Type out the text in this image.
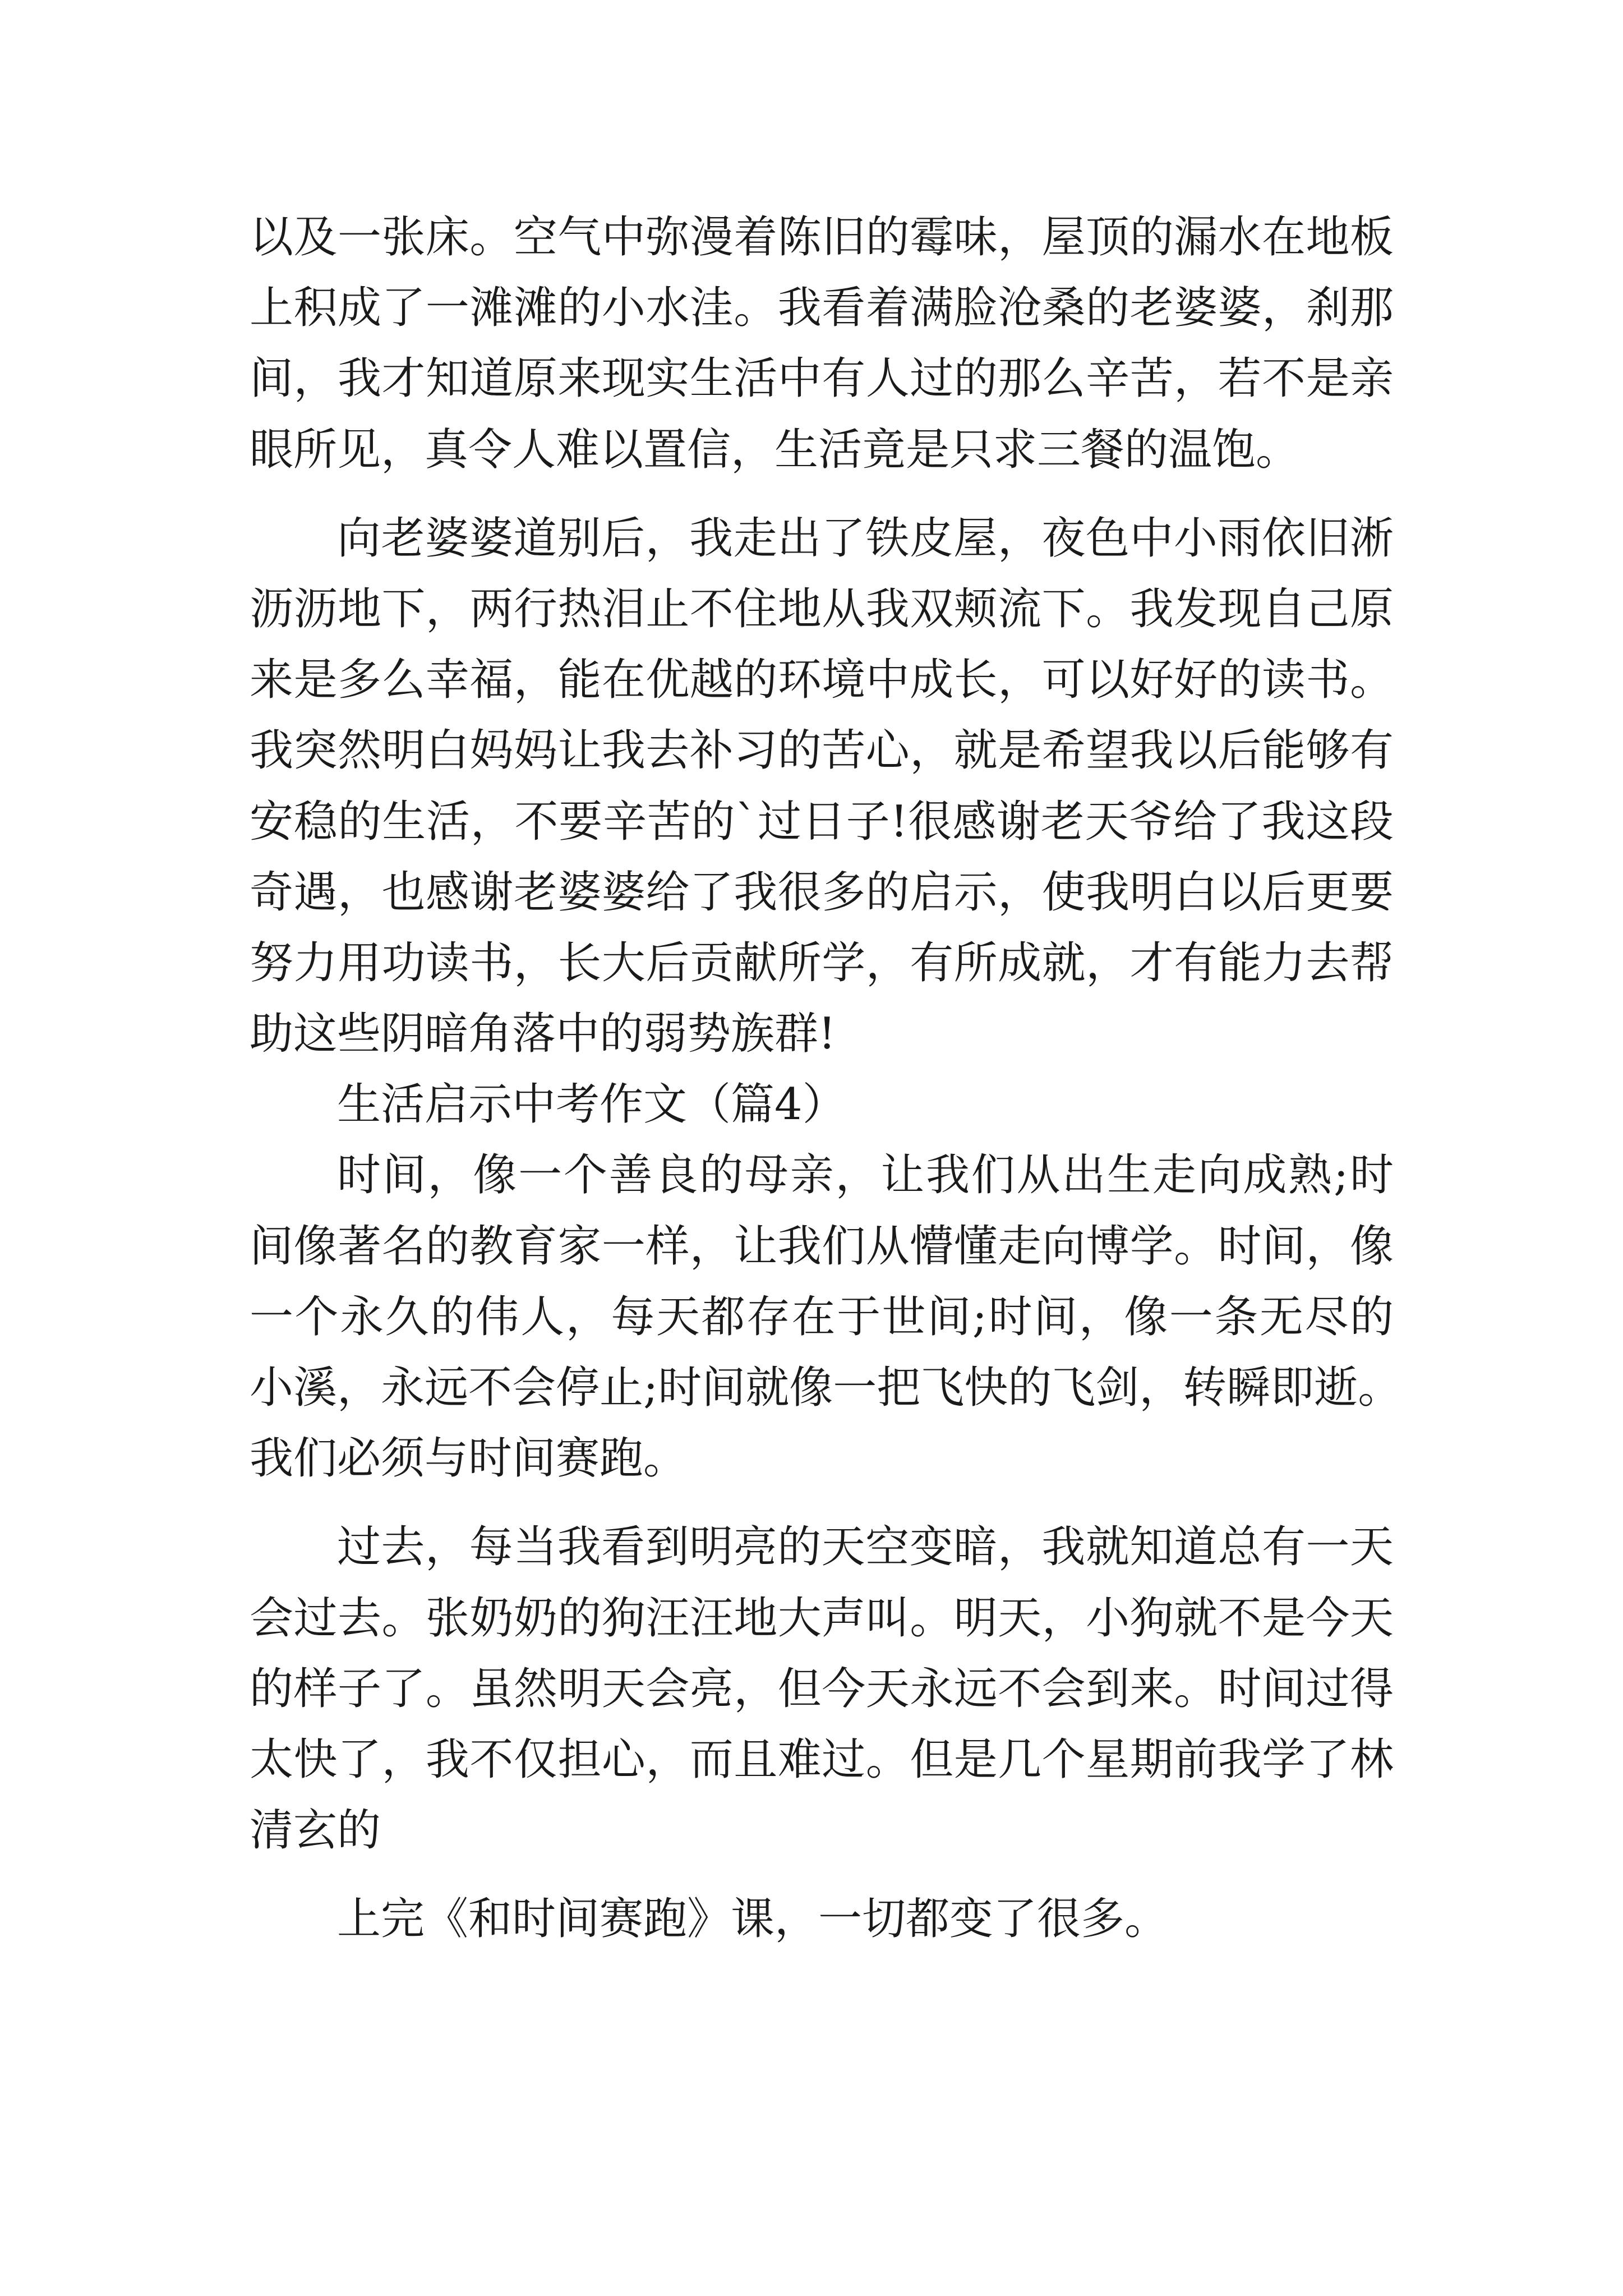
以及一张床。空气中弥漫着陈旧的霉味，屋顶的漏水在地板
上积成了一滩滩的小水洼。我看着满脸沧桑的老婆婆，刹那
间，我才知道原来现实生活中有人过的那么辛苦，若不是亲
眼所见，真令人难以置信，生活竟是只求三餐的温饱。
向老婆婆道别后，我走出了铁皮屋，夜色中小雨依旧淅
沥沥地下，两行热泪止不住地从我双颊流下。我发现自己原
来是多么幸福，能在优越的环境中成长，可以好好的读书。
我突然明白妈妈让我去补习的苦心，就是希望我以后能够有
安稳的生活，不要辛苦的`过日子!很感谢老天爷给了我这段
奇遇，也感谢老婆婆给了我很多的启示，使我明白以后更要
努力用功读书，长大后贡献所学，有所成就，才有能力去帮
助这些阴暗角落中的弱势族群!
生活启示中考作文（篇4）
时间，像一个善良的母亲，让我们从出生走向成熟;时
间像著名的教育家一样，让我们从懵懂走向博学。时间，像
一个永久的伟人，每天都存在于世间;时间，像一条无尽的
小溪，永远不会停止;时间就像一把飞快的飞剑，转瞬即逝。
我们必须与时间赛跑。
过去，每当我看到明亮的天空变暗，我就知道总有一天
会过去。张奶奶的狗汪汪地大声叫。明天，小狗就不是今天
的样子了。虽然明天会亮，但今天永远不会到来。时间过得
太快了，我不仅担心，而且难过。但是几个星期前我学了林
清玄的
上完《和时间赛跑》课，一切都变了很多。
